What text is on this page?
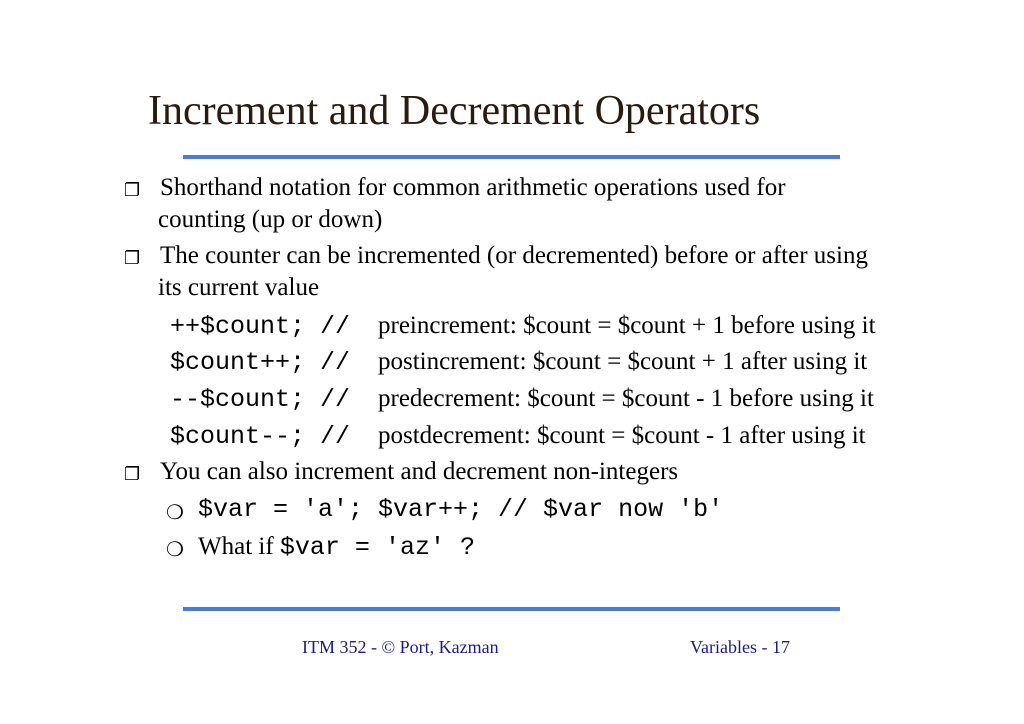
Increment and Decrement Operators
❐ Shorthand notation for common arithmetic operations used for
counting (up or down)
❐ The counter can be incremented (or decremented) before or after using
its current value
++$count; // preincrement: $count = $count + 1 before using it
$count++; // postincrement: $count = $count + 1 after using it
--$count; // predecrement: $count = $count - 1 before using it
$count--; // postdecrement: $count = $count - 1 after using it
❐ You can also increment and decrement non-integers
❍ $var = 'a'; $var++; // $var now 'b'
❍ What if $var = 'az' ?
ITM 352 - © Port, Kazman	Variables - 17
